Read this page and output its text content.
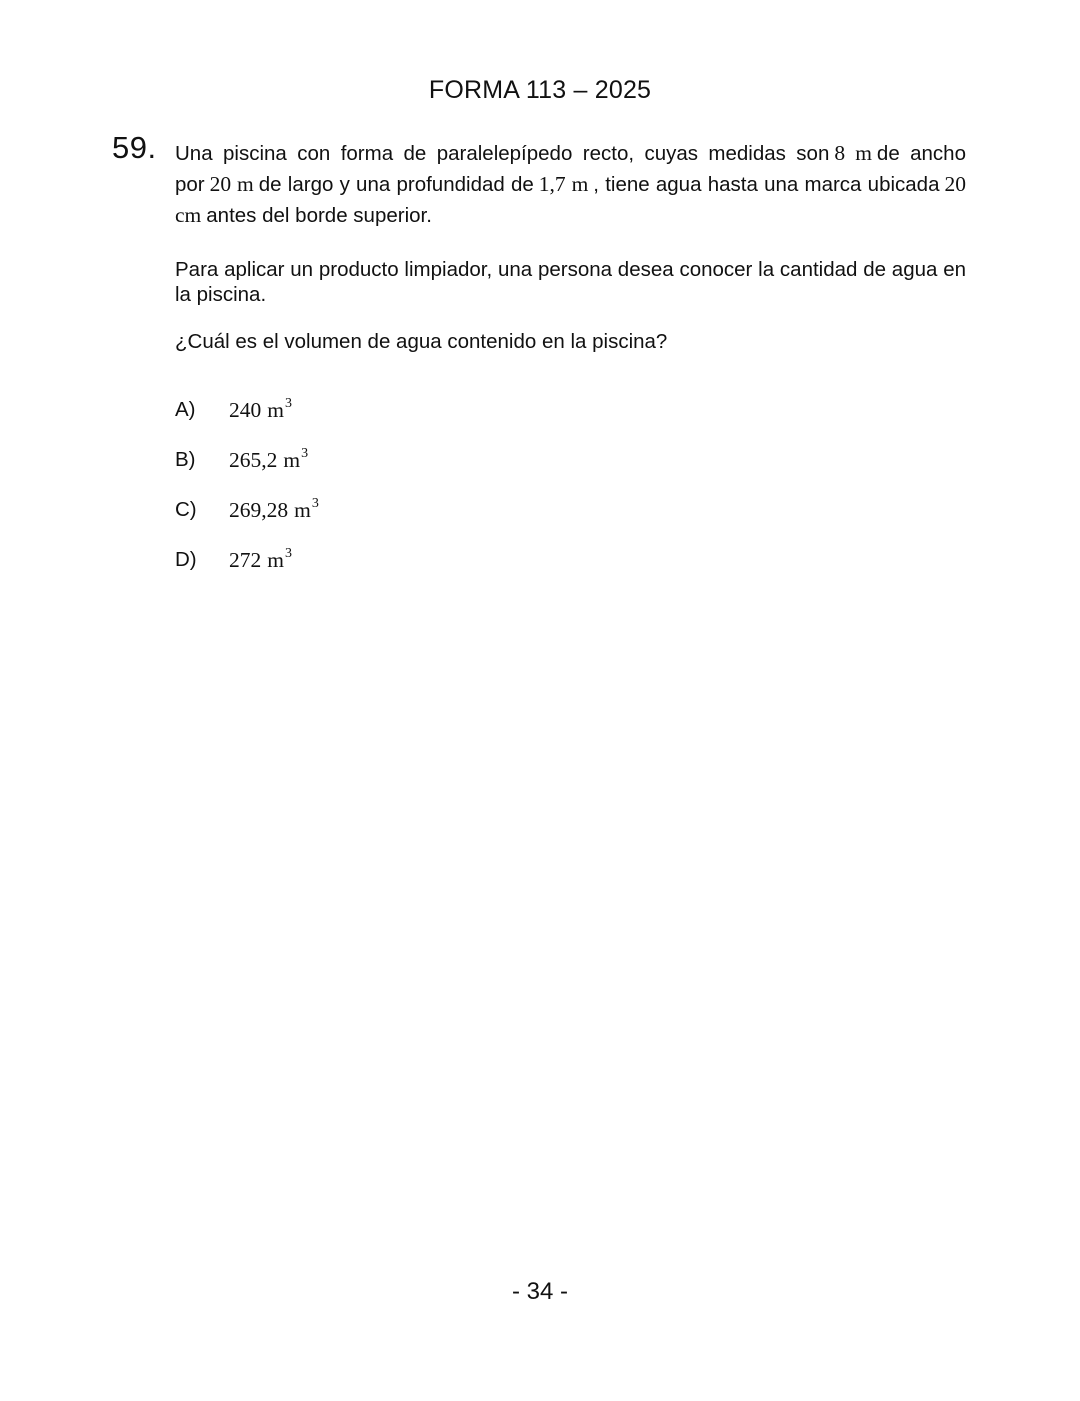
FORMA 113 – 2025
59. Una piscina con forma de paralelepípedo recto, cuyas medidas son 8 m de ancho por 20 m de largo y una profundidad de 1,7 m , tiene agua hasta una marca ubicada 20 cm antes del borde superior.
Para aplicar un producto limpiador, una persona desea conocer la cantidad de agua en la piscina.
¿Cuál es el volumen de agua contenido en la piscina?
A) 240 $m^3$
B) 265,2 $m^3$
C) 269,28 $m^3$
D) 272 $m^3$
- 34 -
